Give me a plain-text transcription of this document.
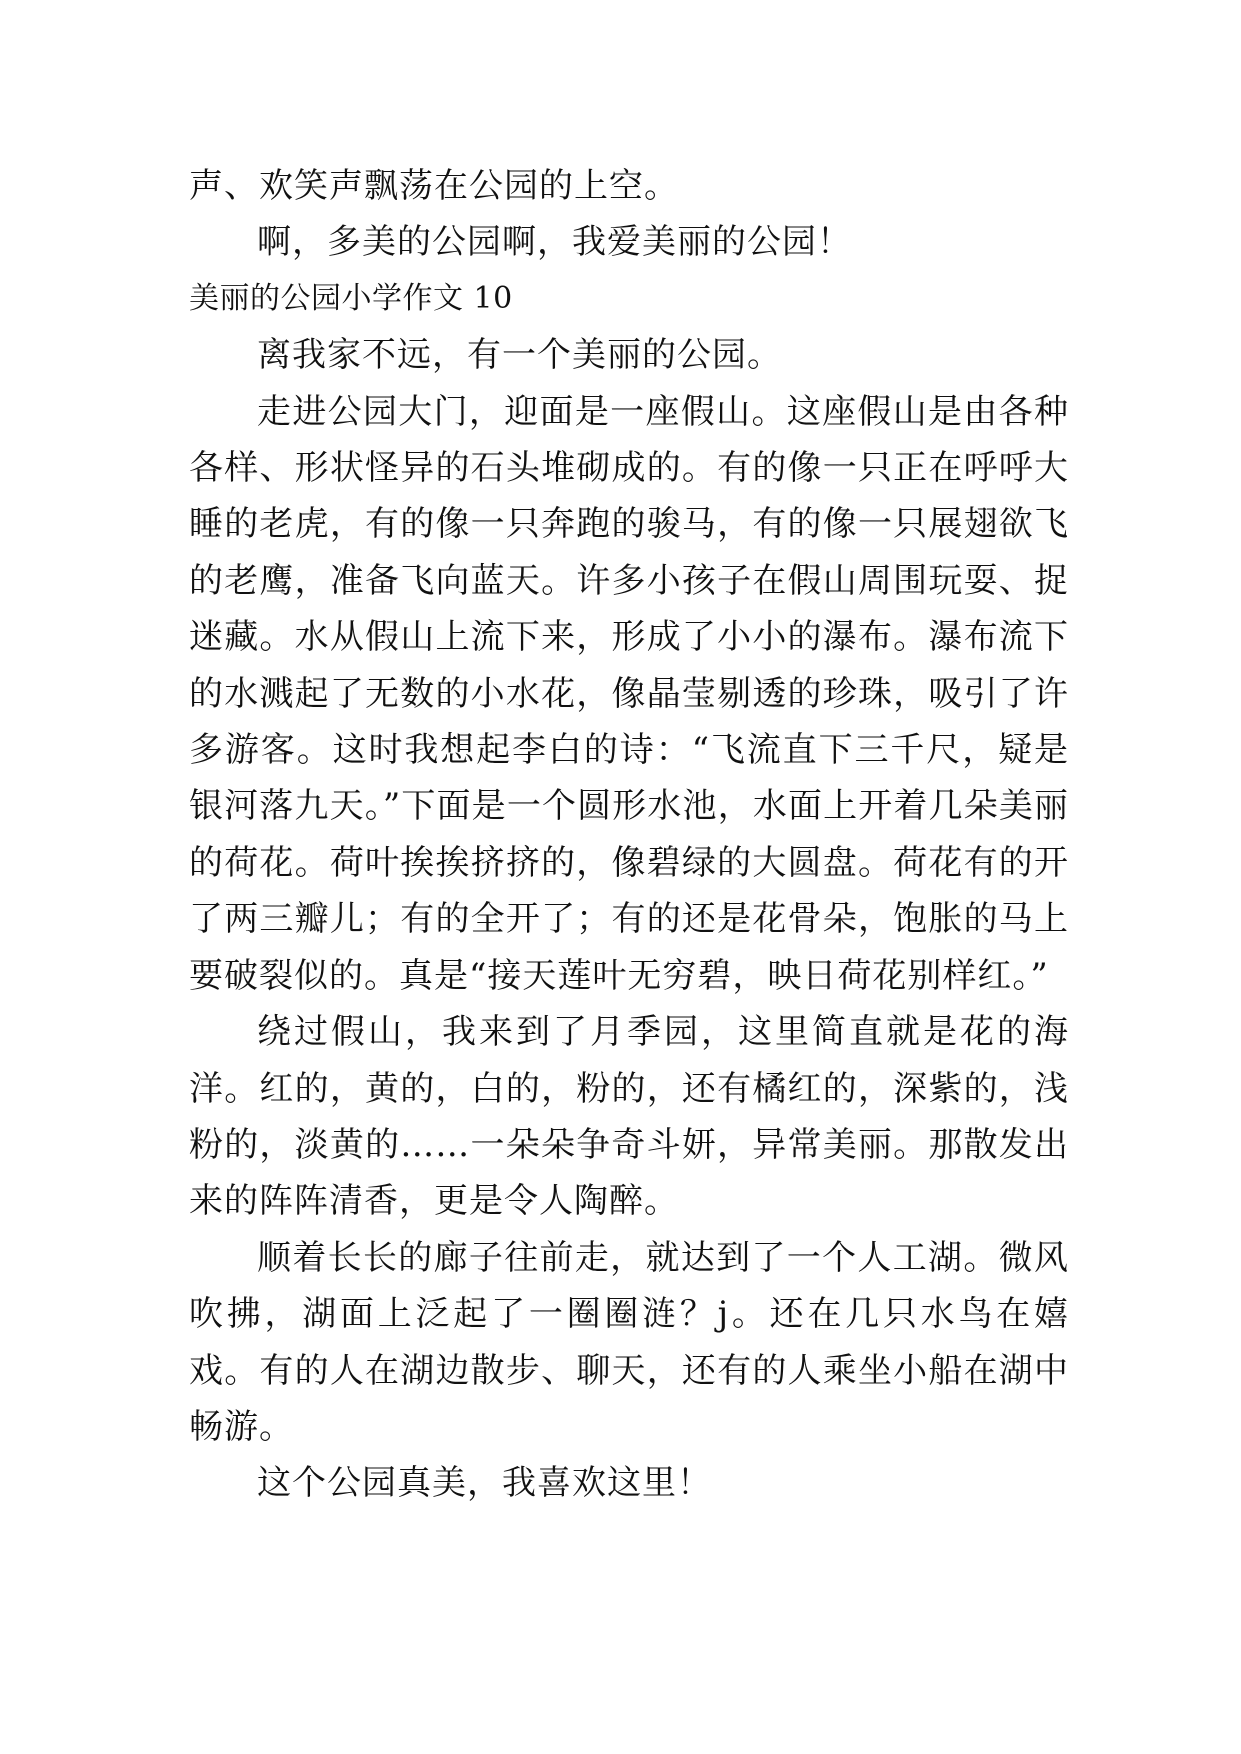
声、欢笑声飘荡在公园的上空。

啊，多美的公园啊，我爱美丽的公园！

美丽的公园小学作文 10

离我家不远，有一个美丽的公园。

走进公园大门，迎面是一座假山。这座假山是由各种各样、形状怪异的石头堆砌成的。有的像一只正在呼呼大睡的老虎，有的像一只奔跑的骏马，有的像一只展翅欲飞的老鹰，准备飞向蓝天。许多小孩子在假山周围玩耍、捉迷藏。水从假山上流下来，形成了小小的瀑布。瀑布流下的水溅起了无数的小水花，像晶莹剔透的珍珠，吸引了许多游客。这时我想起李白的诗：“飞流直下三千尺，疑是银河落九天。”下面是一个圆形水池，水面上开着几朵美丽的荷花。荷叶挨挨挤挤的，像碧绿的大圆盘。荷花有的开了两三瓣儿；有的全开了；有的还是花骨朵，饱胀的马上要破裂似的。真是“接天莲叶无穷碧，映日荷花别样红。”

绕过假山，我来到了月季园，这里简直就是花的海洋。红的，黄的，白的，粉的，还有橘红的，深紫的，浅粉的，淡黄的……一朵朵争奇斗妍，异常美丽。那散发出来的阵阵清香，更是令人陶醉。

顺着长长的廊子往前走，就达到了一个人工湖。微风吹拂，湖面上泛起了一圈圈涟？j。还在几只水鸟在嬉戏。有的人在湖边散步、聊天，还有的人乘坐小船在湖中畅游。

这个公园真美，我喜欢这里！
